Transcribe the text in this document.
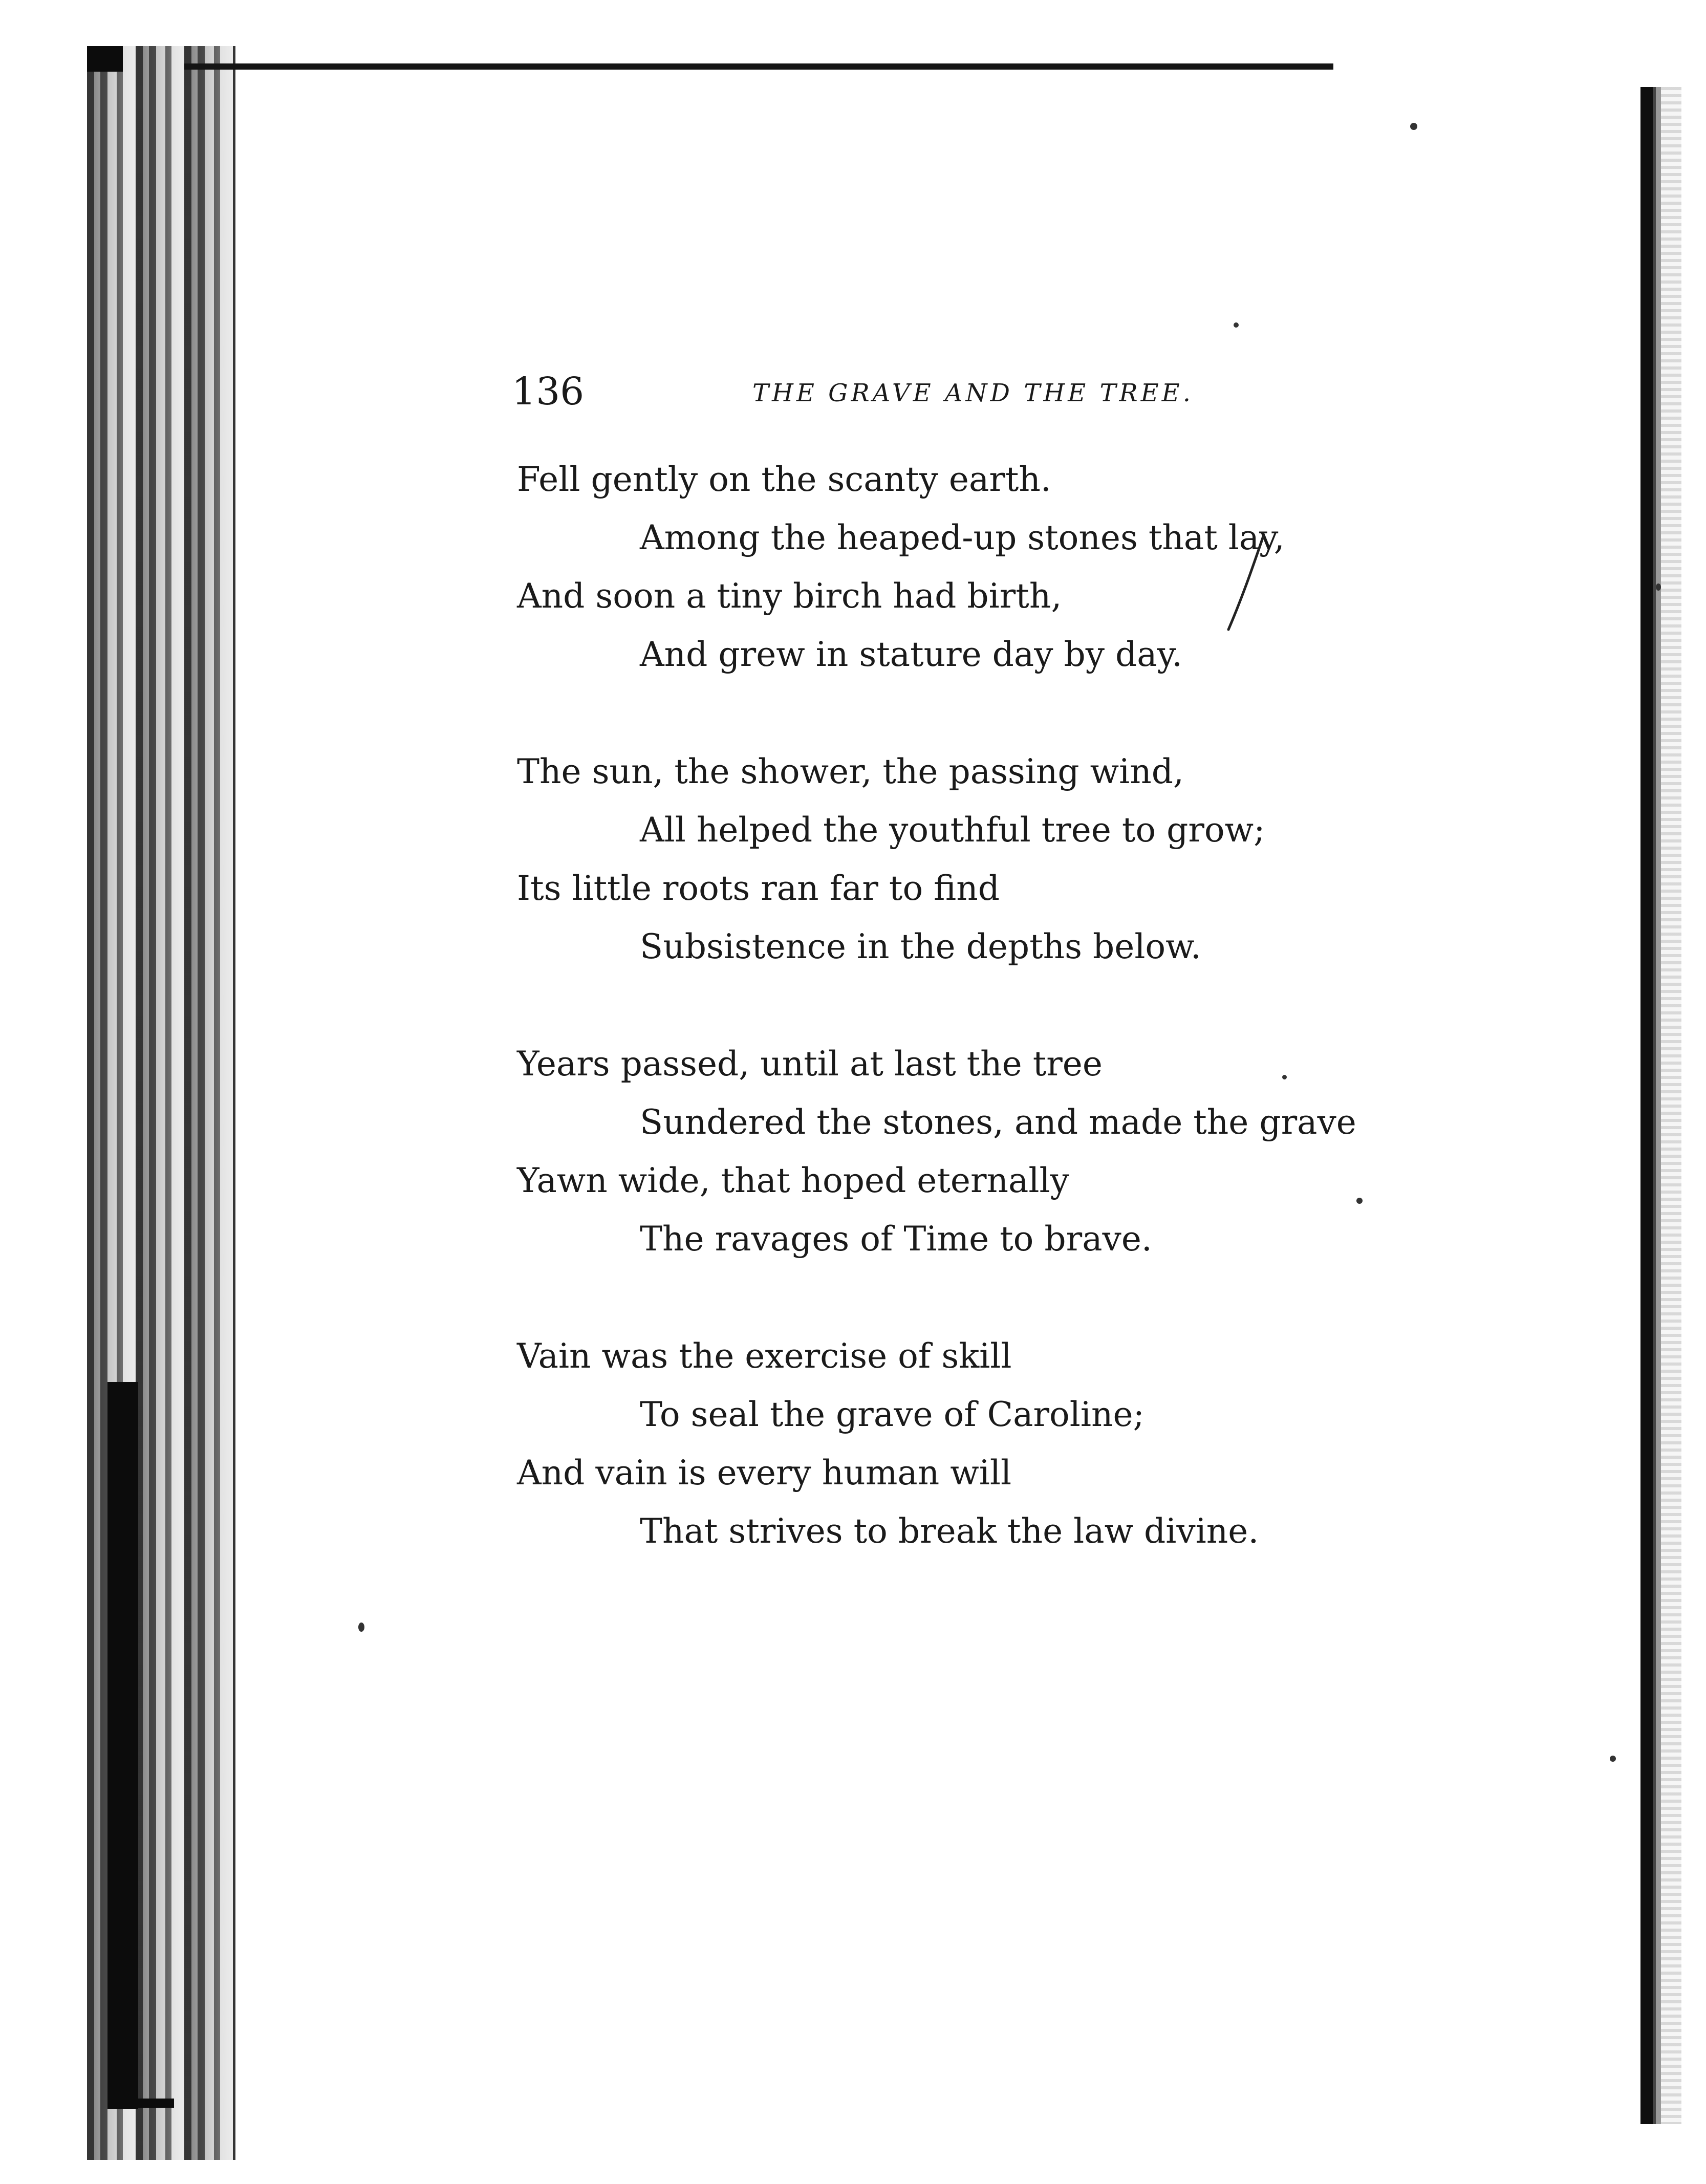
136	THE GRAVE AND THE TREE.
Fell gently on the scanty earth.
Among the heaped-up stones that lay,
And soon a tiny birch had birth,
And grew in stature day by day.
The sun, the shower, the passing wind,
All helped the youthful tree to grow;
Its little roots ran far to find
Subsistence in the depths below.
Years passed, until at last the tree
Sundered the stones, and made the grave
Yawn wide, that hoped eternally
The ravages of Time to brave.
Vain was the exercise of skill
To seal the grave of Caroline;
And vain is every human will
That strives to break the law divine.
